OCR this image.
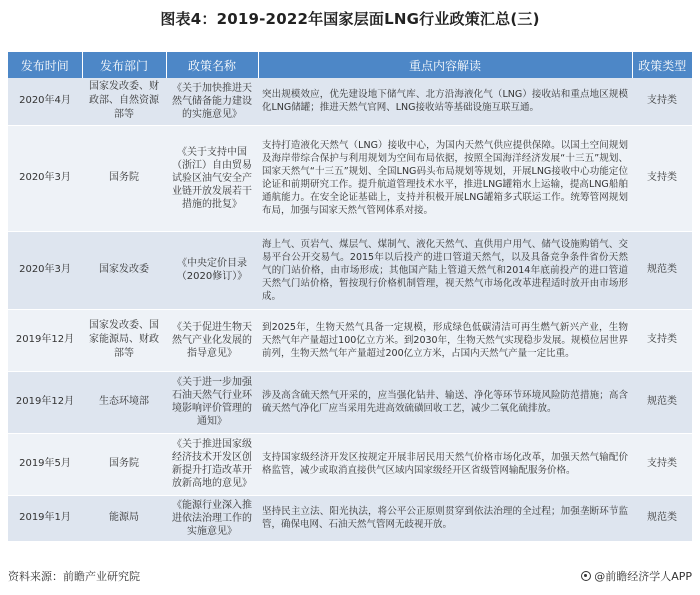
图表4：2019-2022年国家层面LNG行业政策汇总(三)
发布时间	发布部门	政策名称	重点内容解读	政策类型
2020年4月	国家发改委、财政部、自然资源部等	《关于加快推进天然气储备能力建设的实施意见》	突出规模效应，优先建设地下储气库、北方沿海液化气（LNG）接收站和重点地区规模化LNG储罐；推进天然气官网、LNG接收站等基础设施互联互通。	支持类
2020年3月	国务院	《关于支持中国（浙江）自由贸易试验区油气安全产业链开放发展若干措施的批复》	支持打造液化天然气（LNG）接收中心，为国内天然气供应提供保障。以国土空间规划及海岸带综合保护与利用规划为空间布局依据，按照全国海洋经济发展“十三五”规划、国家天然气“十三五”规划、全国LNG码头布局规划等规划，开展LNG接收中心功能定位论证和前期研究工作。提升航道管理技术水平，推进LNG罐箱水上运输，提高LNG船舶通航能力。在安全论证基础上，支持并积极开展LNG罐箱多式联运工作。统筹管网规划布局，加强与国家天然气管网体系对接。	支持类
2020年3月	国家发改委	《中央定价目录（2020修订）》	海上气、页岩气、煤层气、煤制气、液化天然气、直供用户用气、储气设施购销气、交易平台公开交易气。2015年以后投产的进口管道天然气，以及具备竞争条件省份天然气的门站价格，由市场形成；其他国产陆上管道天然气和2014年底前投产的进口管道天然气门站价格，暂按现行价格机制管理，视天然气市场化改革进程适时放开由市场形成。	规范类
2019年12月	国家发改委、国家能源局、财政部等	《关于促进生物天然气产业化发展的指导意见》	到2025年，生物天然气具备一定规模，形成绿色低碳清洁可再生燃气新兴产业，生物天然气年产量超过100亿立方米。到2030年，生物天然气实现稳步发展。规模位居世界前列，生物天然气年产量超过200亿立方米，占国内天然气产量一定比重。	支持类
2019年12月	生态环境部	《关于进一步加强石油天然气行业环境影响评价管理的通知》	涉及高含硫天然气开采的，应当强化钻井、输送、净化等环节环境风险防范措施；高含硫天然气净化厂应当采用先进高效硫磺回收工艺，减少二氧化硫排放。	规范类
2019年5月	国务院	《关于推进国家级经济技术开发区创新提升打造改革开放新高地的意见》	支持国家级经济开发区按规定开展非居民用天然气价格市场化改革，加强天然气输配价格监管，减少或取消直接供气区域内国家级经开区省级管网输配服务价格。	支持类
2019年1月	能源局	《能源行业深入推进依法治理工作的实施意见》	坚持民主立法、阳光执法，将公平公正原则贯穿到依法治理的全过程；加强垄断环节监管，确保电网、石油天然气管网无歧视开放。	规范类
资料来源：前瞻产业研究院	@前瞻经济学人APP
